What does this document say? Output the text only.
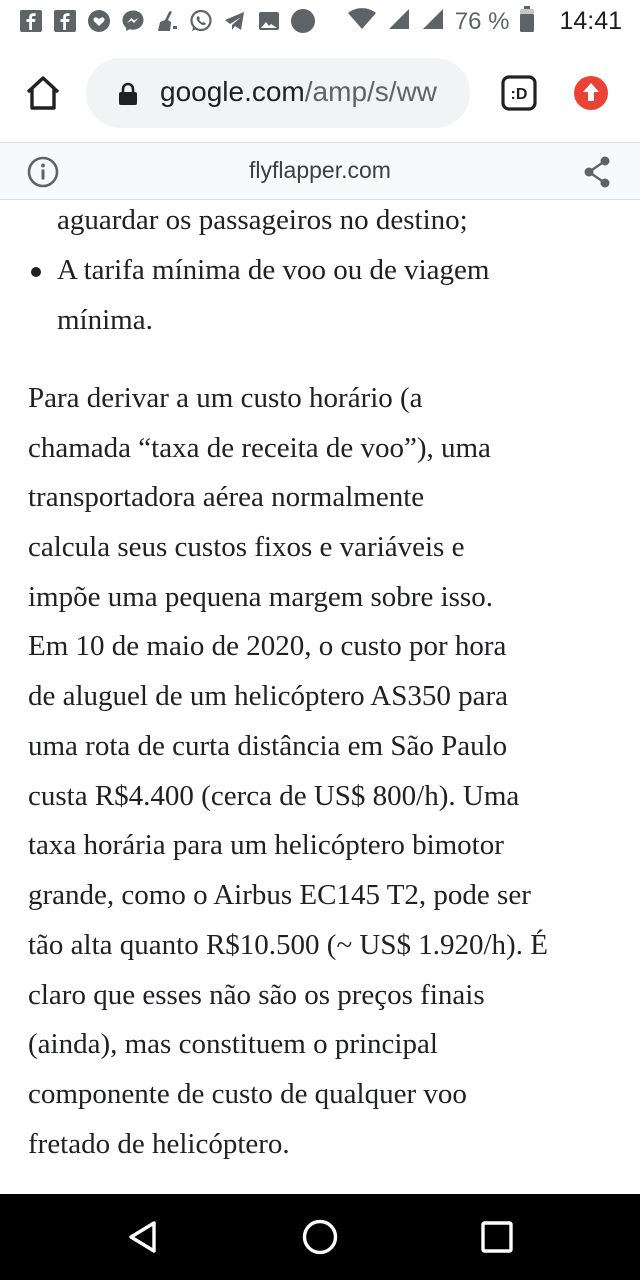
76 % 14:41
google.com/amp/s/ww	:D
flyflapper.com
aguardar os passageiros no destino;
A tarifa mínima de voo ou de viagem
mínima.
Para derivar a um custo horário (a
chamada “taxa de receita de voo”), uma
transportadora aérea normalmente
calcula seus custos fixos e variáveis e
impõe uma pequena margem sobre isso.
Em 10 de maio de 2020, o custo por hora
de aluguel de um helicóptero AS350 para
uma rota de curta distância em São Paulo
custa R$4.400 (cerca de US$ 800/h). Uma
taxa horária para um helicóptero bimotor
grande, como o Airbus EC145 T2, pode ser
tão alta quanto R$10.500 (~ US$ 1.920/h). É
claro que esses não são os preços finais
(ainda), mas constituem o principal
componente de custo de qualquer voo
fretado de helicóptero.
